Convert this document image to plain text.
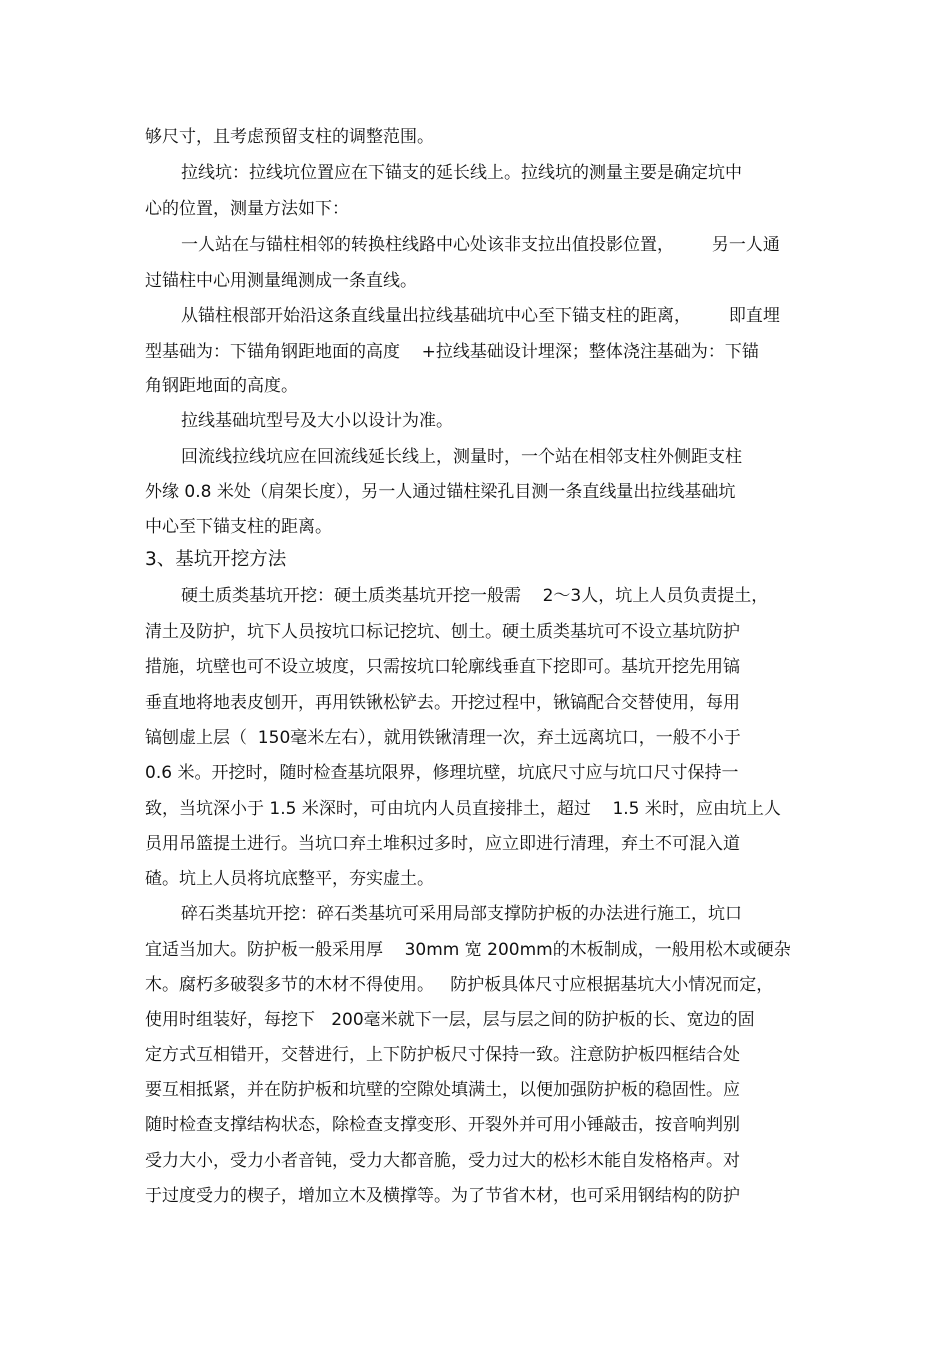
够尺寸，且考虑预留支柱的调整范围。
拉线坑：拉线坑位置应在下锚支的延长线上。拉线坑的测量主要是确定坑中
心的位置，测量方法如下：
一人站在与锚柱相邻的转换柱线路中心处该非支拉出值投影位置，       另一人通
过锚柱中心用测量绳测成一条直线。
从锚柱根部开始沿这条直线量出拉线基础坑中心至下锚支柱的距离，       即直埋
型基础为：下锚角钢距地面的高度    +拉线基础设计埋深；整体浇注基础为：下锚
角钢距地面的高度。
拉线基础坑型号及大小以设计为准。
回流线拉线坑应在回流线延长线上，测量时，一个站在相邻支柱外侧距支柱
外缘 0.8 米处（肩架长度），另一人通过锚柱梁孔目测一条直线量出拉线基础坑
中心至下锚支柱的距离。
3、基坑开挖方法
硬土质类基坑开挖：硬土质类基坑开挖一般需    2～3人，坑上人员负责提土，
清土及防护，坑下人员按坑口标记挖坑、刨土。硬土质类基坑可不设立基坑防护
措施，坑壁也可不设立坡度，只需按坑口轮廓线垂直下挖即可。基坑开挖先用镐
垂直地将地表皮刨开，再用铁锹松铲去。开挖过程中，锹镐配合交替使用，每用
镐刨虚上层（  150毫米左右），就用铁锹清理一次，弃土远离坑口，一般不小于
0.6 米。开挖时，随时检查基坑限界，修理坑壁，坑底尺寸应与坑口尺寸保持一
致，当坑深小于 1.5 米深时，可由坑内人员直接排土，超过    1.5 米时，应由坑上人
员用吊篮提土进行。当坑口弃土堆积过多时，应立即进行清理，弃土不可混入道
碴。坑上人员将坑底整平，夯实虚土。
碎石类基坑开挖：碎石类基坑可采用局部支撑防护板的办法进行施工，坑口
宜适当加大。防护板一般采用厚    30mm 宽 200mm的木板制成，一般用松木或硬杂
木。腐朽多破裂多节的木材不得使用。   防护板具体尺寸应根据基坑大小情况而定，
使用时组装好，每挖下   200毫米就下一层，层与层之间的防护板的长、宽边的固
定方式互相错开，交替进行，上下防护板尺寸保持一致。注意防护板四框结合处
要互相抵紧，并在防护板和坑壁的空隙处填满土，以便加强防护板的稳固性。应
随时检查支撑结构状态，除检查支撑变形、开裂外并可用小锤敲击，按音响判别
受力大小，受力小者音钝，受力大都音脆，受力过大的松杉木能自发格格声。对
于过度受力的楔子，增加立木及横撑等。为了节省木材，也可采用钢结构的防护
